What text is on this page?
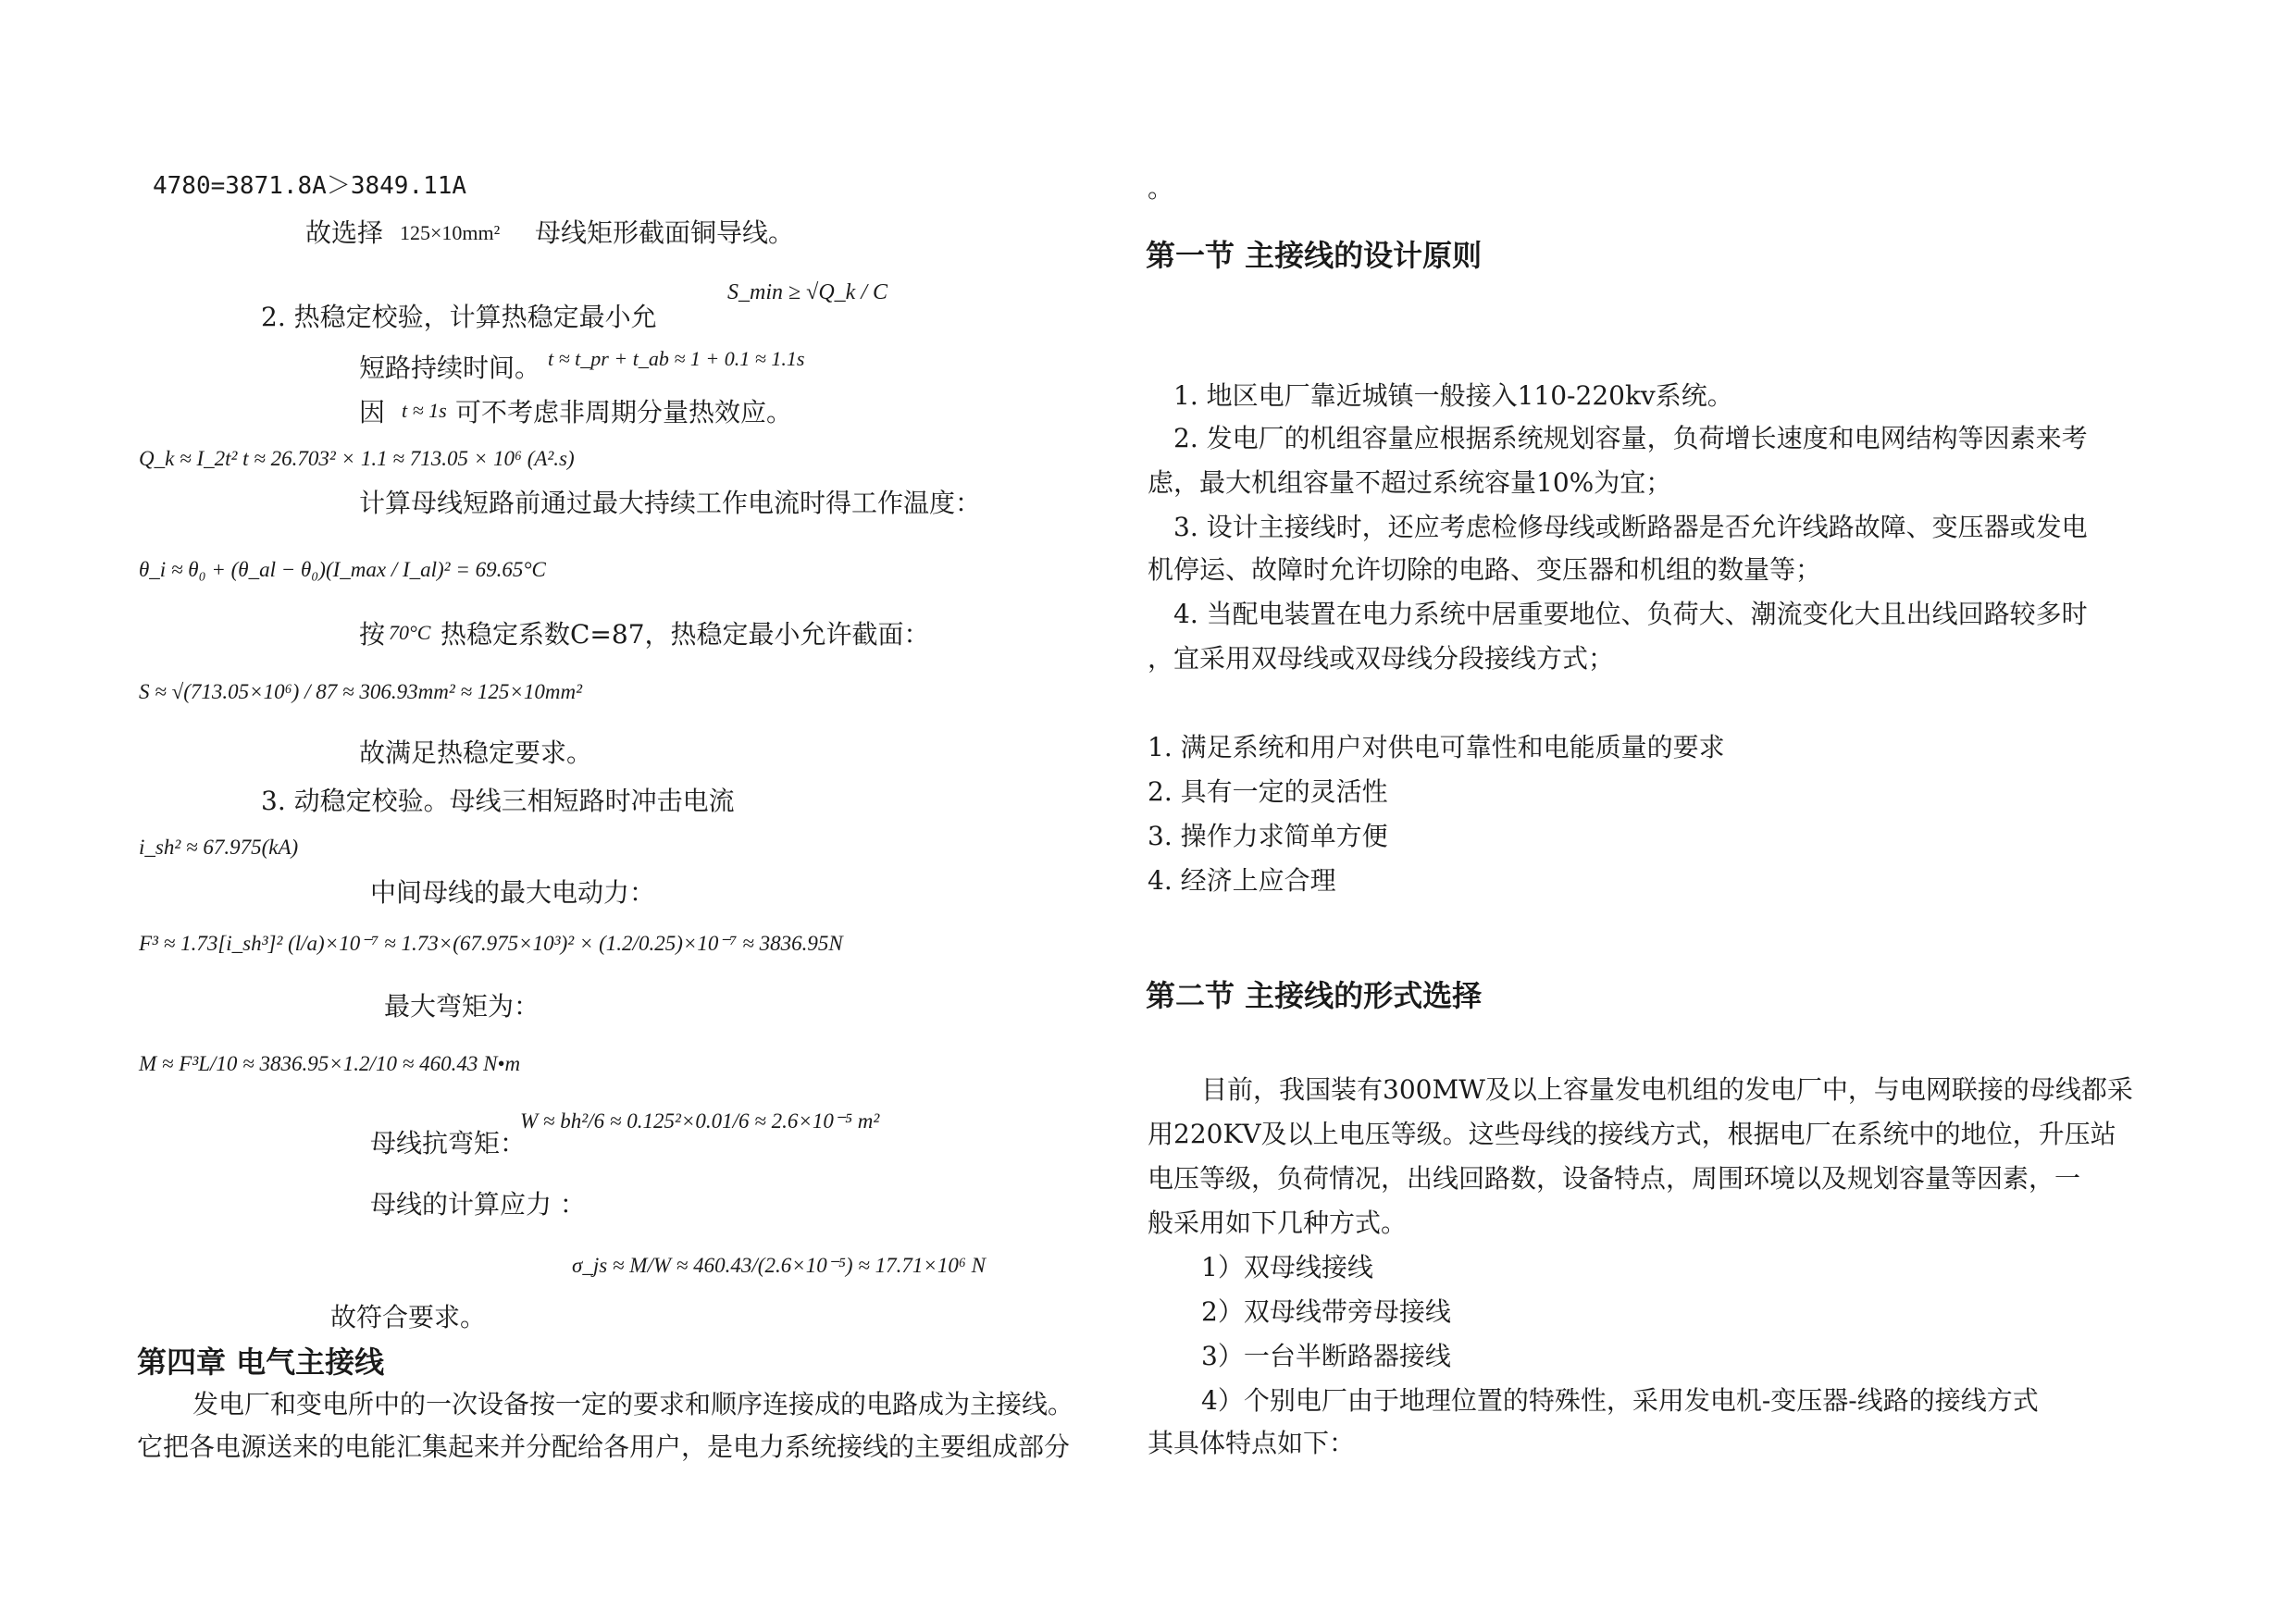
4780=3871.8A＞3849.11A
故选择 125×10mm² 母线矩形截面铜导线。
2. 热稳定校验，计算热稳定最小允
S_min ≥ √Q_k / C
短路持续时间。 t ≈ t_pr + t_ab ≈ 1 + 0.1 ≈ 1.1s
因 t ≈ 1s 可不考虑非周期分量热效应。
Q_k ≈ I_2t² t ≈ 26.703² × 1.1 ≈ 713.05 × 10⁶ (A².s)
计算母线短路前通过最大持续工作电流时得工作温度：
θ_i ≈ θ₀ + (θ_al − θ₀)(I_max / I_al)² = 69.65°C
按 70°C 热稳定系数C=87，热稳定最小允许截面：
S ≈ √(713.05×10⁶) / 87 ≈ 306.93mm² ≈ 125×10mm²
故满足热稳定要求。
3. 动稳定校验。母线三相短路时冲击电流
i_sh² ≈ 67.975(kA)
中间母线的最大电动力：
F³ ≈ 1.73[i_sh³]² (l/a)×10⁻⁷ ≈ 1.73×(67.975×10³)² × (1.2/0.25)×10⁻⁷ ≈ 3836.95N
最大弯矩为：
M ≈ F³L/10 ≈ 3836.95×1.2/10 ≈ 460.43 N•m
母线抗弯矩：
W ≈ bh²/6 ≈ 0.125²×0.01/6 ≈ 2.6×10⁻⁵ m²
母线的计算应力 ：
σ_js ≈ M/W ≈ 460.43/(2.6×10⁻⁵) ≈ 17.71×10⁶ N
故符合要求。
第四章 电气主接线
发电厂和变电所中的一次设备按一定的要求和顺序连接成的电路成为主接线。
它把各电源送来的电能汇集起来并分配给各用户，是电力系统接线的主要组成部分
。
第一节 主接线的设计原则
1. 地区电厂靠近城镇一般接入110-220kv系统。
2. 发电厂的机组容量应根据系统规划容量，负荷增长速度和电网结构等因素来考
虑，最大机组容量不超过系统容量10%为宜；
3. 设计主接线时，还应考虑检修母线或断路器是否允许线路故障、变压器或发电
机停运、故障时允许切除的电路、变压器和机组的数量等；
4. 当配电装置在电力系统中居重要地位、负荷大、潮流变化大且出线回路较多时
，宜采用双母线或双母线分段接线方式；
1. 满足系统和用户对供电可靠性和电能质量的要求
2. 具有一定的灵活性
3. 操作力求简单方便
4. 经济上应合理
第二节 主接线的形式选择
目前，我国装有300MW及以上容量发电机组的发电厂中，与电网联接的母线都采
用220KV及以上电压等级。这些母线的接线方式，根据电厂在系统中的地位，升压站
电压等级，负荷情况，出线回路数，设备特点，周围环境以及规划容量等因素，一
般采用如下几种方式。
1）双母线接线
2）双母线带旁母接线
3）一台半断路器接线
4）个别电厂由于地理位置的特殊性，采用发电机-变压器-线路的接线方式
其具体特点如下：
